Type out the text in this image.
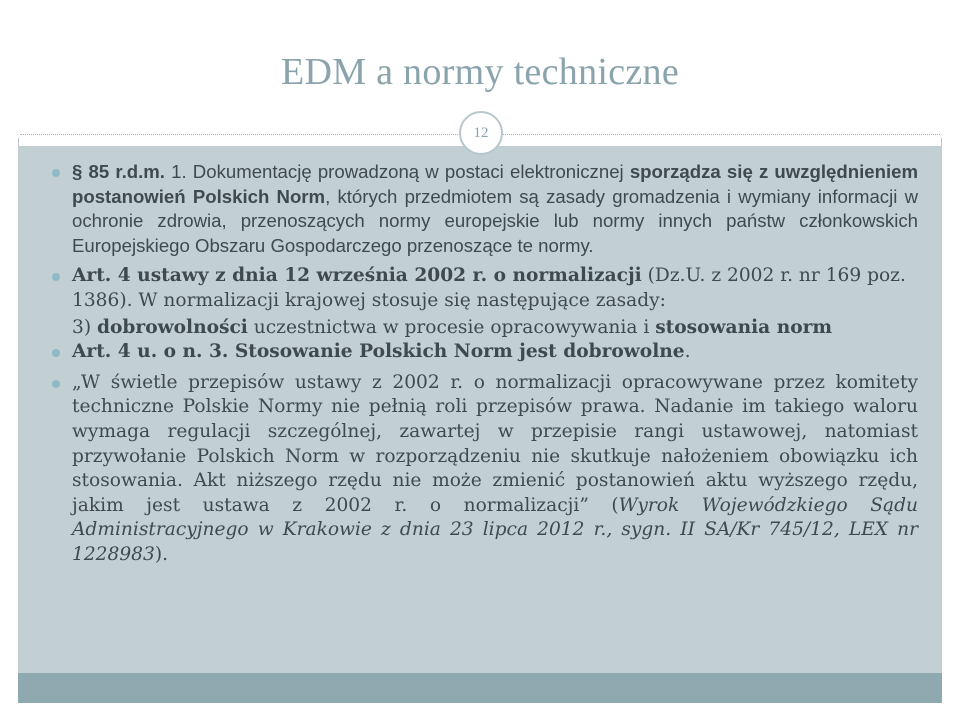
EDM a normy techniczne
12
§ 85 r.d.m. 1. Dokumentację prowadzoną w postaci elektronicznej sporządza się z uwzględnieniem postanowień Polskich Norm, których przedmiotem są zasady gromadzenia i wymiany informacji w ochronie zdrowia, przenoszących normy europejskie lub normy innych państw członkowskich Europejskiego Obszaru Gospodarczego przenoszące te normy.
Art. 4 ustawy z dnia 12 września 2002 r. o normalizacji (Dz.U. z 2002 r. nr 169 poz. 1386). W normalizacji krajowej stosuje się następujące zasady:
3) dobrowolności uczestnictwa w procesie opracowywania i stosowania norm
Art. 4 u. o n. 3. Stosowanie Polskich Norm jest dobrowolne.
„W świetle przepisów ustawy z 2002 r. o normalizacji opracowywane przez komitety techniczne Polskie Normy nie pełnią roli przepisów prawa. Nadanie im takiego waloru wymaga regulacji szczególnej, zawartej w przepisie rangi ustawowej, natomiast przywołanie Polskich Norm w rozporządzeniu nie skutkuje nałożeniem obowiązku ich stosowania. Akt niższego rzędu nie może zmienić postanowień aktu wyższego rzędu, jakim jest ustawa z 2002 r. o normalizacji” (Wyrok Wojewódzkiego Sądu Administracyjnego w Krakowie z dnia 23 lipca 2012 r., sygn. II SA/Kr 745/12, LEX nr 1228983).
